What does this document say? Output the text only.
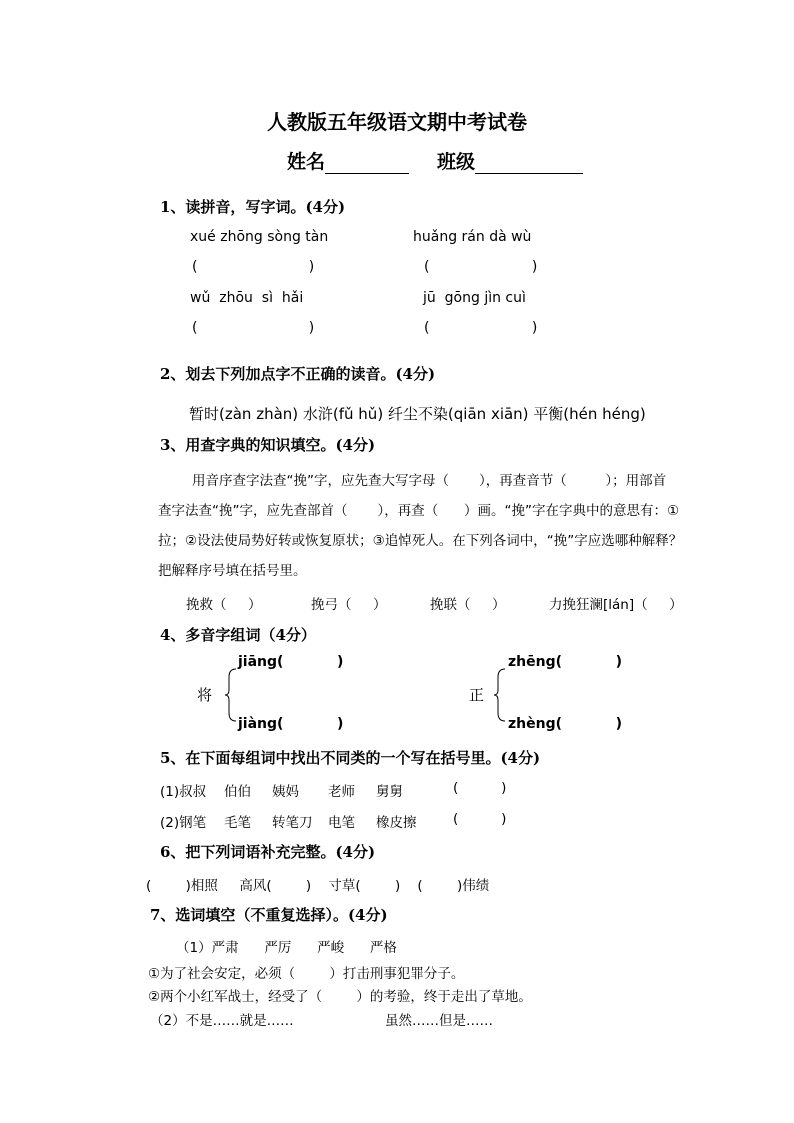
人教版五年级语文期中考试卷
姓名	班级
1、读拼音，写字词。(4分)
xué zhōng sòng tàn	huǎng rán dà wù
(                         )	(                       )
wǔ  zhōu  sì  hǎi	jū  gōng jìn cuì
(                         )	(                       )
2、划去下列加点字不正确的读音。(4分)
暂时(zàn zhàn) 水浒(fǔ hǔ) 纤尘不染(qiān xiān) 平衡(hén héng)
3、用查字典的知识填空。(4分)
用音序查字法查“挽”字，应先查大写字母（       ），再查音节（         ）；用部首
查字法查“挽”字，应先查部首（       ），再查（      ）画。“挽”字在字典中的意思有：①
拉；②设法使局势好转或恢复原状；③追悼死人。在下列各词中，“挽”字应选哪种解释？
把解释序号填在括号里。
挽救（     ）	挽弓（     ）	挽联（     ）	力挽狂澜[lán]（     ）
4、多音字组词（4分）
jiāng(           )
将
jiàng(           )
zhēng(           )
正
zhèng(           )
5、在下面每组词中找出不同类的一个写在括号里。(4分)
(1)叔叔 伯伯 姨妈 老师 舅舅	(          )
(2)钢笔 毛笔 转笔刀 电笔 橡皮擦	(          )
6、把下列词语补充完整。(4分)
(        )相照     高风(        )    寸草(        )    (        )伟绩
7、选词填空（不重复选择）。(4分)
（1）严肃      严厉      严峻      严格
①为了社会安定，必须（        ）打击刑事犯罪分子。
②两个小红军战士，经受了（        ）的考验，终于走出了草地。
（2）不是……就是……	虽然……但是……
